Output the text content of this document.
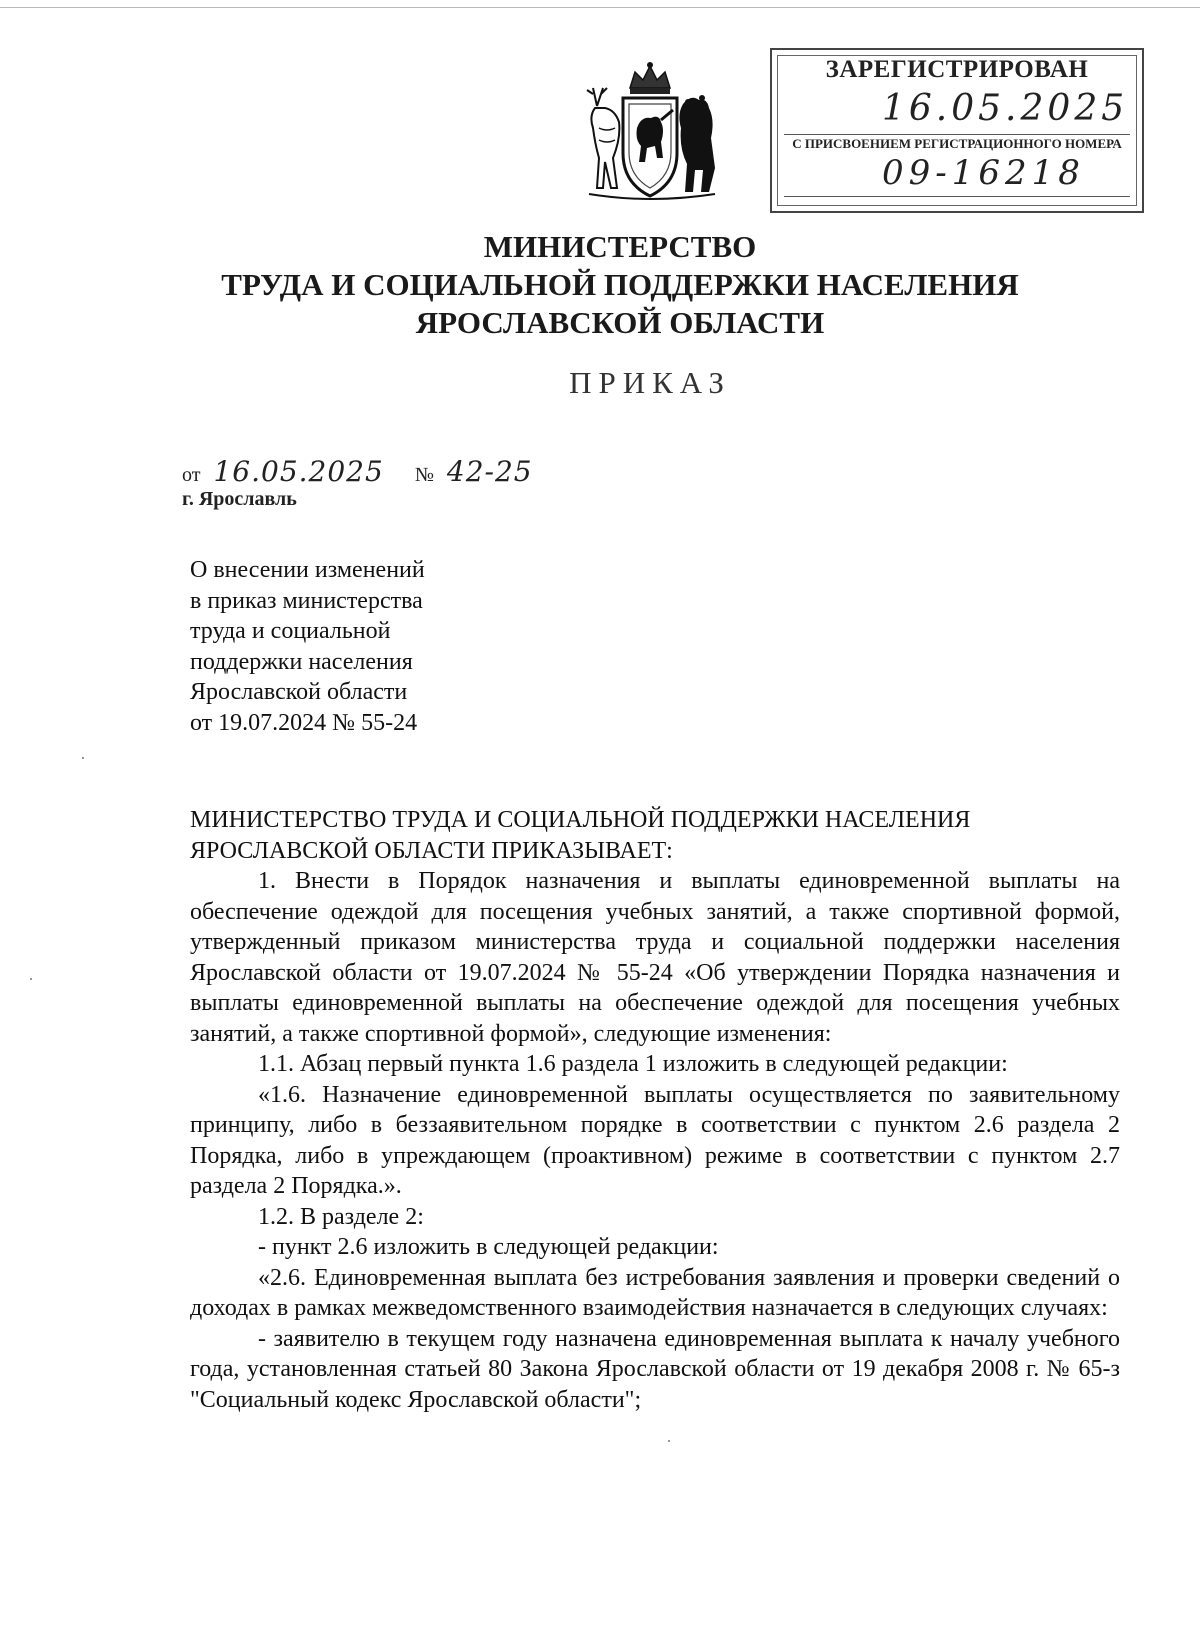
ЗАРЕГИСТРИРОВАН
16.05.2025
С ПРИСВОЕНИЕМ РЕГИСТРАЦИОННОГО НОМЕРА
09-16218
МИНИСТЕРСТВО
ТРУДА И СОЦИАЛЬНОЙ ПОДДЕРЖКИ НАСЕЛЕНИЯ
ЯРОСЛАВСКОЙ ОБЛАСТИ
ПРИКАЗ
от 16.05.2025 № 42-25
г. Ярославль
О внесении изменений
в приказ министерства
труда и социальной
поддержки населения
Ярославской области
от 19.07.2024 № 55-24

МИНИСТЕРСТВО ТРУДА И СОЦИАЛЬНОЙ ПОДДЕРЖКИ НАСЕЛЕНИЯ ЯРОСЛАВСКОЙ ОБЛАСТИ ПРИКАЗЫВАЕТ:

1. Внести в Порядок назначения и выплаты единовременной выплаты на обеспечение одеждой для посещения учебных занятий, а также спортивной формой, утвержденный приказом министерства труда и социальной поддержки населения Ярославской области от 19.07.2024 № 55-24 «Об утверждении Порядка назначения и выплаты единовременной выплаты на обеспечение одеждой для посещения учебных занятий, а также спортивной формой», следующие изменения:

1.1. Абзац первый пункта 1.6 раздела 1 изложить в следующей редакции:

«1.6. Назначение единовременной выплаты осуществляется по заявительному принципу, либо в беззаявительном порядке в соответствии с пунктом 2.6 раздела 2 Порядка, либо в упреждающем (проактивном) режиме в соответствии с пунктом 2.7 раздела 2 Порядка.».

1.2. В разделе 2:

- пункт 2.6 изложить в следующей редакции:

«2.6. Единовременная выплата без истребования заявления и проверки сведений о доходах в рамках межведомственного взаимодействия назначается в следующих случаях:

- заявителю в текущем году назначена единовременная выплата к началу учебного года, установленная статьей 80 Закона Ярославской области от 19 декабря 2008 г. № 65-з "Социальный кодекс Ярославской области";
